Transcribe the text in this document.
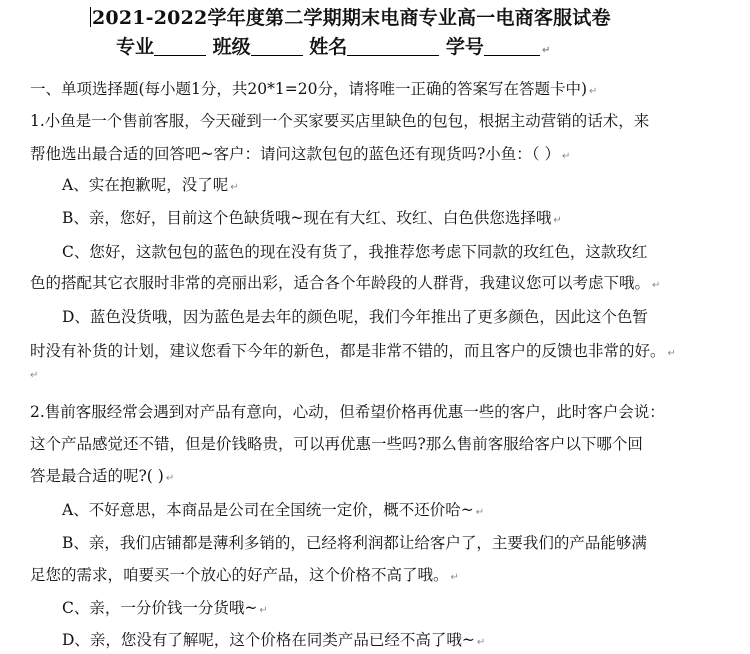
2021-2022学年度第二学期期末电商专业高一电商客服试卷
专业	班级	姓名	学号	↵
一、单项选择题(每小题1分，共20*1=20分，请将唯一正确的答案写在答题卡中) ↵
1.小鱼是一个售前客服，今天碰到一个买家要买店里缺色的包包，根据主动营销的话术，来
帮他选出最合适的回答吧~客户：请问这款包包的蓝色还有现货吗?小鱼：（ ） ↵
A、实在抱歉呢，没了呢 ↵
B、亲，您好，目前这个色缺货哦~现在有大红、玫红、白色供您选择哦 ↵
C、您好，这款包包的蓝色的现在没有货了，我推荐您考虑下同款的玫红色，这款玫红
色的搭配其它衣服时非常的亮丽出彩，适合各个年龄段的人群背，我建议您可以考虑下哦。 ↵
D、蓝色没货哦，因为蓝色是去年的颜色呢，我们今年推出了更多颜色，因此这个色暂
时没有补货的计划，建议您看下今年的新色，都是非常不错的，而且客户的反馈也非常的好。 ↵
↵
2.售前客服经常会遇到对产品有意向，心动，但希望价格再优惠一些的客户，此时客户会说：
这个产品感觉还不错，但是价钱略贵，可以再优惠一些吗?那么售前客服给客户以下哪个回
答是最合适的呢?( ) ↵
A、不好意思，本商品是公司在全国统一定价，概不还价哈~ ↵
B、亲，我们店铺都是薄利多销的，已经将利润都让给客户了，主要我们的产品能够满
足您的需求，咱要买一个放心的好产品，这个价格不高了哦。 ↵
C、亲，一分价钱一分货哦~ ↵
D、亲，您没有了解呢，这个价格在同类产品已经不高了哦~ ↵
